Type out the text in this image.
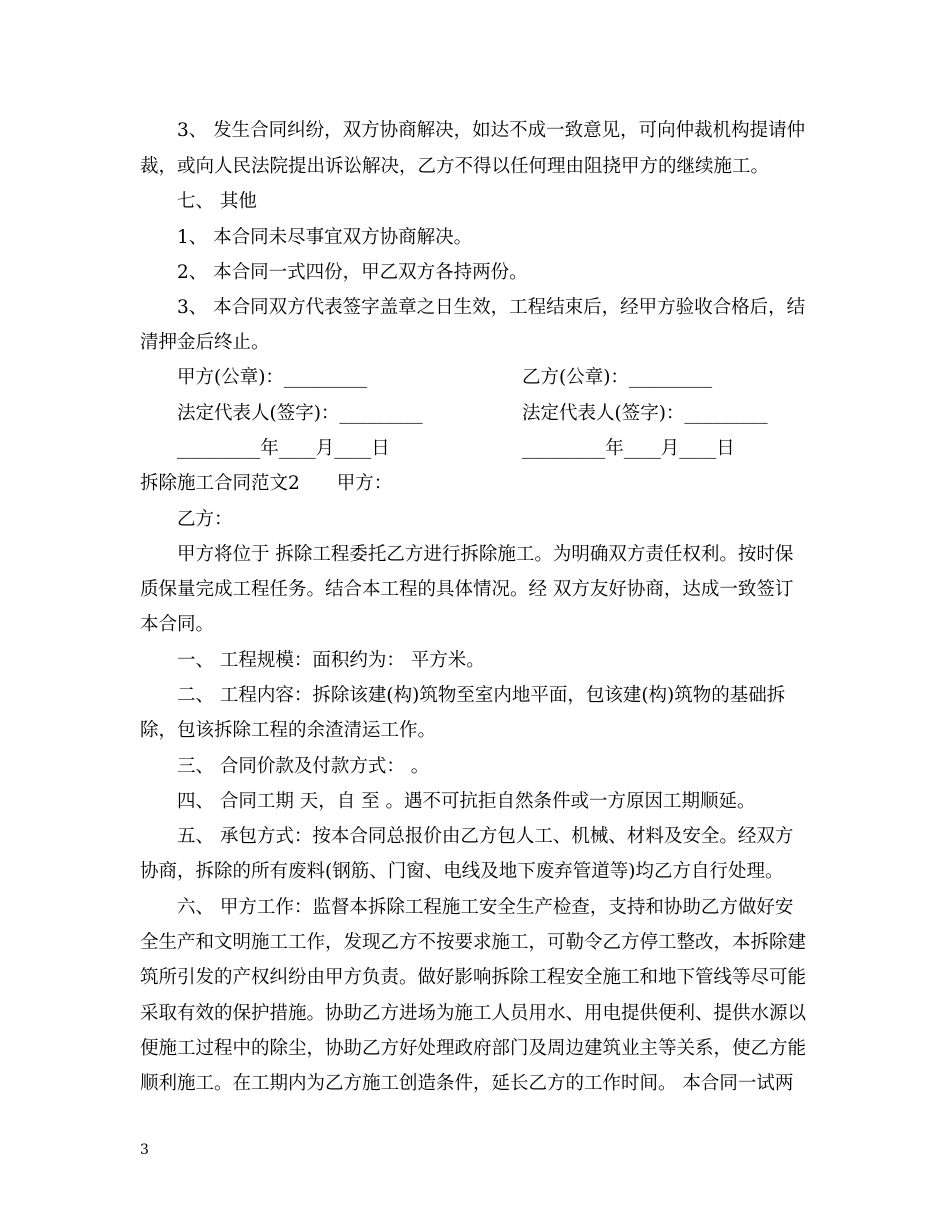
3、 发生合同纠纷，双方协商解决，如达不成一致意见，可向仲裁机构提请仲
裁，或向人民法院提出诉讼解决，乙方不得以任何理由阻挠甲方的继续施工。
七、 其他
1、 本合同未尽事宜双方协商解决。
2、 本合同一式四份，甲乙双方各持两份。
3、 本合同双方代表签字盖章之日生效，工程结束后，经甲方验收合格后，结
清押金后终止。
甲方(公章)：_________	乙方(公章)：_________
法定代表人(签字)：_________	法定代表人(签字)：_________
_________年____月____日	_________年____月____日
拆除施工合同范文2　　甲方：
乙方：
甲方将位于 拆除工程委托乙方进行拆除施工。为明确双方责任权利。按时保
质保量完成工程任务。结合本工程的具体情况。经 双方友好协商，达成一致签订
本合同。
一、 工程规模：面积约为： 平方米。
二、 工程内容：拆除该建(构)筑物至室内地平面，包该建(构)筑物的基础拆
除，包该拆除工程的余渣清运工作。
三、 合同价款及付款方式： 。
四、 合同工期 天，自 至 。遇不可抗拒自然条件或一方原因工期顺延。
五、 承包方式：按本合同总报价由乙方包人工、机械、材料及安全。经双方
协商，拆除的所有废料(钢筋、门窗、电线及地下废弃管道等)均乙方自行处理。
六、 甲方工作：监督本拆除工程施工安全生产检查，支持和协助乙方做好安
全生产和文明施工工作，发现乙方不按要求施工，可勒令乙方停工整改，本拆除建
筑所引发的产权纠纷由甲方负责。做好影响拆除工程安全施工和地下管线等尽可能
采取有效的保护措施。协助乙方进场为施工人员用水、用电提供便利、提供水源以
便施工过程中的除尘，协助乙方好处理政府部门及周边建筑业主等关系，使乙方能
顺利施工。在工期内为乙方施工创造条件，延长乙方的工作时间。 本合同一试两
3
